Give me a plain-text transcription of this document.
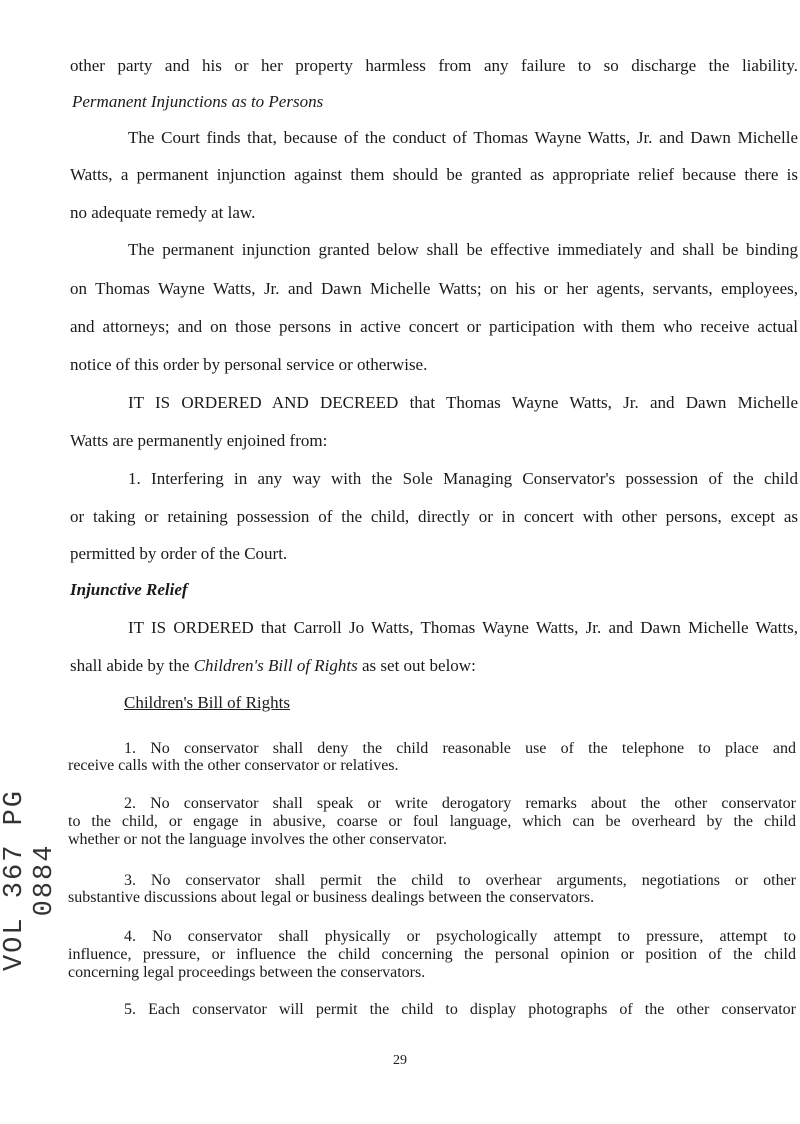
other party and his or her property harmless from any failure to so discharge the liability.

Permanent Injunctions as to Persons

The Court finds that, because of the conduct of Thomas Wayne Watts, Jr. and Dawn Michelle

Watts, a permanent injunction against them should be granted as appropriate relief because there is

no adequate remedy at law.

The permanent injunction granted below shall be effective immediately and shall be binding

on Thomas Wayne Watts, Jr. and Dawn Michelle Watts; on his or her agents, servants, employees,

and attorneys; and on those persons in active concert or participation with them who receive actual

notice of this order by personal service or otherwise.

IT IS ORDERED AND DECREED that Thomas Wayne Watts, Jr. and Dawn Michelle

Watts are permanently enjoined from:

1. Interfering in any way with the Sole Managing Conservator's possession of the child

or taking or retaining possession of the child, directly or in concert with other persons, except as

permitted by order of the Court.

Injunctive Relief

IT IS ORDERED that Carroll Jo Watts, Thomas Wayne Watts, Jr. and Dawn Michelle Watts,

shall abide by the Children's Bill of Rights as set out below:

Children's Bill of Rights

1. No conservator shall deny the child reasonable use of the telephone to place and

receive calls with the other conservator or relatives.

2. No conservator shall speak or write derogatory remarks about the other conservator

to the child, or engage in abusive, coarse or foul language, which can be overheard by the child

whether or not the language involves the other conservator.

3. No conservator shall permit the child to overhear arguments, negotiations or other

substantive discussions about legal or business dealings between the conservators.

4. No conservator shall physically or psychologically attempt to pressure, attempt to

influence, pressure, or influence the child concerning the personal opinion or position of the child

concerning legal proceedings between the conservators.

5. Each conservator will permit the child to display photographs of the other conservator

VOL 367 PG 0884
29
